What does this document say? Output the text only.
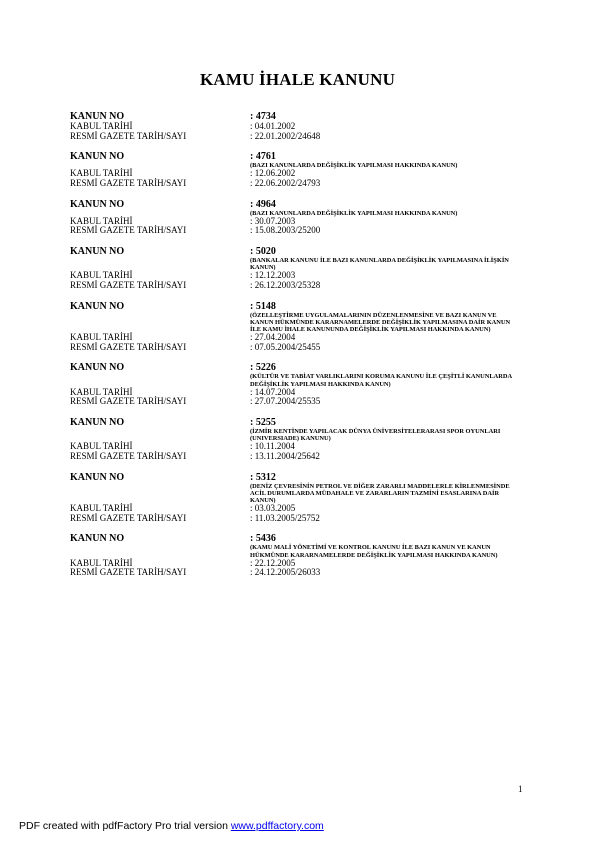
KAMU İHALE KANUNU
KANUN NO	: 4734
KABUL TARİHİ	: 04.01.2002
RESMİ GAZETE TARİH/SAYI	: 22.01.2002/24648
KANUN NO	: 4761
(BAZI KANUNLARDA DEĞİŞİKLİK YAPILMASI HAKKINDA KANUN)
KABUL TARİHİ	: 12.06.2002
RESMİ GAZETE TARİH/SAYI	: 22.06.2002/24793
KANUN NO	: 4964
(BAZI KANUNLARDA DEĞİŞİKLİK YAPILMASI HAKKINDA KANUN)
KABUL TARİHİ	: 30.07.2003
RESMİ GAZETE TARİH/SAYI	: 15.08.2003/25200
KANUN NO	: 5020
(BANKALAR KANUNU İLE BAZI KANUNLARDA DEĞİŞİKLİK YAPILMASINA İLİŞKİN KANUN)
KABUL TARİHİ	: 12.12.2003
RESMİ GAZETE TARİH/SAYI	: 26.12.2003/25328
KANUN NO	: 5148
(ÖZELLEŞTİRME UYGULAMALARININ DÜZENLENMESİNE VE BAZI KANUN VE KANUN HÜKMÜNDE KARARNAMELERDE DEĞİŞİKLİK YAPILMASINA DAİR KANUN İLE KAMU İHALE KANUNUNDA DEĞİŞİKLİK YAPILMASI HAKKINDA KANUN)
KABUL TARİHİ	: 27.04.2004
RESMİ GAZETE TARİH/SAYI	: 07.05.2004/25455
KANUN NO	: 5226
(KÜLTÜR VE TABİAT VARLIKLARINI KORUMA KANUNU İLE ÇEŞİTLİ KANUNLARDA DEĞİŞİKLİK YAPILMASI HAKKINDA KANUN)
KABUL TARİHİ	: 14.07.2004
RESMİ GAZETE TARİH/SAYI	: 27.07.2004/25535
KANUN NO	: 5255
(İZMİR KENTİNDE YAPILACAK DÜNYA ÜNİVERSİTELERARASI SPOR OYUNLARI (UNIVERSIADE) KANUNU)
KABUL TARİHİ	: 10.11.2004
RESMİ GAZETE TARİH/SAYI	: 13.11.2004/25642
KANUN NO	: 5312
(DENİZ ÇEVRESİNİN PETROL VE DİĞER ZARARLI MADDELERLE KİRLENMESİNDE ACİL DURUMLARDA MÜDAHALE VE ZARARLARIN TAZMİNİ ESASLARINA DAİR KANUN)
KABUL TARİHİ	: 03.03.2005
RESMİ GAZETE TARİH/SAYI	: 11.03.2005/25752
KANUN NO	: 5436
(KAMU MALİ YÖNETİMİ VE KONTROL KANUNU İLE BAZI KANUN VE KANUN HÜKMÜNDE KARARNAMELERDE DEĞİŞİKLİK YAPILMASI HAKKINDA KANUN)
KABUL TARİHİ	: 22.12.2005
RESMİ GAZETE TARİH/SAYI	: 24.12.2005/26033
1
PDF created with pdfFactory Pro trial version www.pdffactory.com
